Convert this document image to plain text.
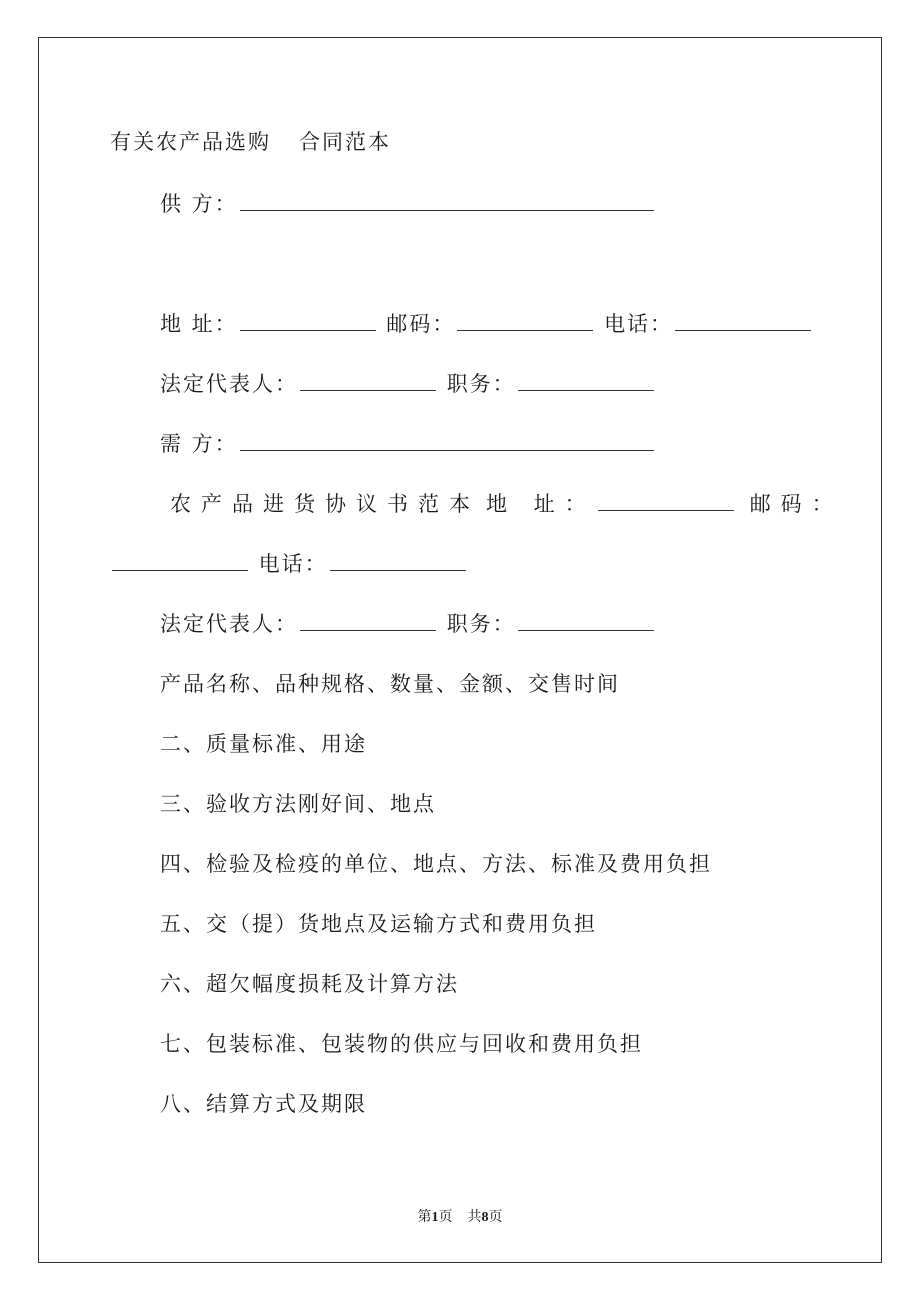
有关农产品选购 合同范本
供 方：
地 址：	邮码：	电话：
法定代表人：	职务：
需 方：
农产品进货协议书范本 地 址：	邮码：
电话：
法定代表人：	职务：
产品名称、品种规格、数量、金额、交售时间
二、质量标准、用途
三、验收方法刚好间、地点
四、检验及检疫的单位、地点、方法、标准及费用负担
五、交（提）货地点及运输方式和费用负担
六、超欠幅度损耗及计算方法
七、包装标准、包装物的供应与回收和费用负担
八、结算方式及期限
第1页 共8页
